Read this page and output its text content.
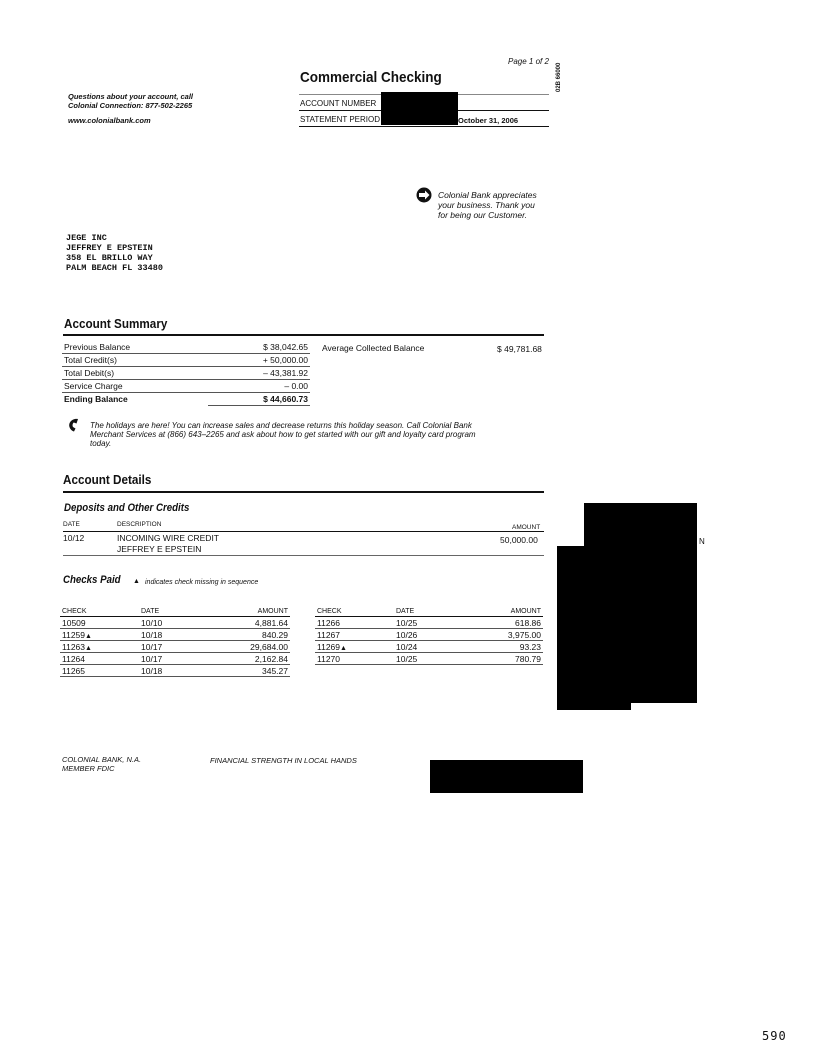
Page 1 of 2
Commercial Checking
Questions about your account, call
Colonial Connection: 877-502-2265
www.colonialbank.com
ACCOUNT NUMBER
STATEMENT PERIOD	October 31, 2006
02B 66000
Colonial Bank appreciates
your business. Thank you
for being our Customer.
JEGE INC
JEFFREY E EPSTEIN
358 EL BRILLO WAY
PALM BEACH FL 33480
Account Summary
Previous Balance	$ 38,042.65
Total Credit(s)	+ 50,000.00
Total Debit(s)	– 43,381.92
Service Charge	– 0.00
Ending Balance	$ 44,660.73
Average Collected Balance	$ 49,781.68
The holidays are here! You can increase sales and decrease returns this holiday season. Call Colonial Bank
Merchant Services at (866) 643–2265 and ask about how to get started with our gift and loyalty card program
today.
Account Details
Deposits and Other Credits
DATE	DESCRIPTION	AMOUNT
10/12	INCOMING WIRE CREDIT
JEFFREY E EPSTEIN
50,000.00	N
Checks Paid ▲ indicates check missing in sequence
CHECK	DATE	AMOUNT
10509	10/10	4,881.64
11259▲	10/18	840.29
11263▲	10/17	29,684.00
11264	10/17	2,162.84
11265	10/18	345.27
CHECK	DATE	AMOUNT
11266	10/25	618.86
11267	10/26	3,975.00
11269▲	10/24	93.23
11270	10/25	780.79
COLONIAL BANK, N.A.
MEMBER FDIC
FINANCIAL STRENGTH IN LOCAL HANDS
590
